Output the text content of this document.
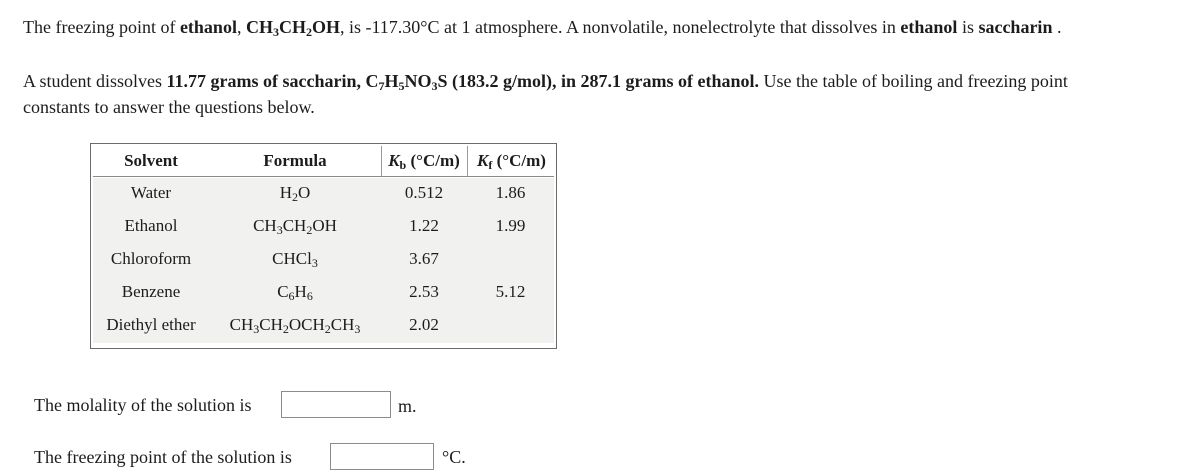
The freezing point of ethanol, $CH_3CH_2OH$, is -117.30°C at 1 atmosphere. A nonvolatile, nonelectrolyte that dissolves in ethanol is saccharin .
A student dissolves 11.77 grams of saccharin, $C_7H_5NO_3S$ (183.2 g/mol), in 287.1 grams of ethanol. Use the table of boiling and freezing point
constants to answer the questions below.
Solvent	Formula	$K_b$ (°C/m)	$K_f$ (°C/m)
Water	$H_2O$	0.512	1.86
Ethanol	$CH_3CH_2OH$	1.22	1.99
Chloroform	CHCl$_3$	3.67
Benzene	$C_6H_6$	2.53	5.12
Diethyl ether	$CH_3CH_2OCH_2CH_3$	2.02
The molality of the solution is	m.
The freezing point of the solution is	°C.
